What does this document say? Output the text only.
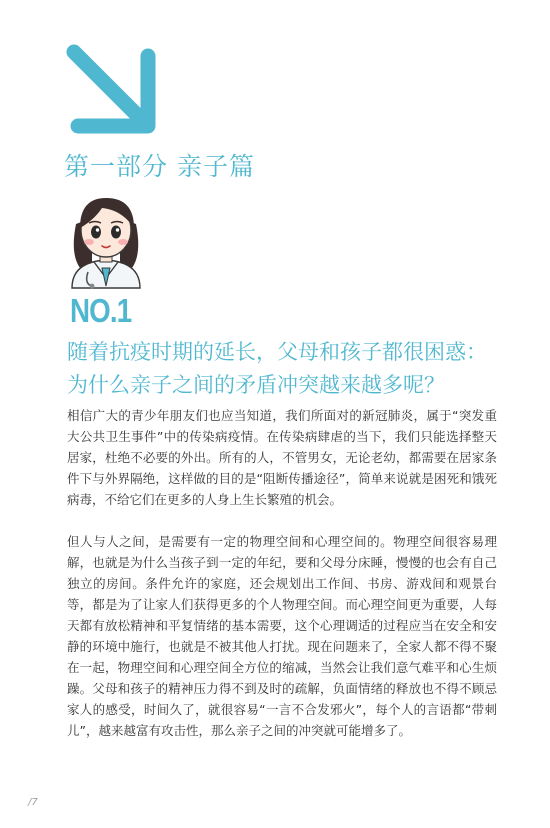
第一部分 亲子篇
NO.1
随着抗疫时期的延长，父母和孩子都很困惑：
为什么亲子之间的矛盾冲突越来越多呢？

相信广大的青少年朋友们也应当知道，我们所面对的新冠肺炎，属于“突发重大公共卫生事件”中的传染病疫情。在传染病肆虐的当下，我们只能选择整天居家，杜绝不必要的外出。所有的人，不管男女，无论老幼，都需要在居家条件下与外界隔绝，这样做的目的是“阻断传播途径”，简单来说就是困死和饿死病毒，不给它们在更多的人身上生长繁殖的机会。

但人与人之间，是需要有一定的物理空间和心理空间的。物理空间很容易理解，也就是为什么当孩子到一定的年纪，要和父母分床睡，慢慢的也会有自己独立的房间。条件允许的家庭，还会规划出工作间、书房、游戏间和观景台等，都是为了让家人们获得更多的个人物理空间。而心理空间更为重要，人每天都有放松精神和平复情绪的基本需要，这个心理调适的过程应当在安全和安静的环境中施行，也就是不被其他人打扰。现在问题来了，全家人都不得不聚在一起，物理空间和心理空间全方位的缩减，当然会让我们意气难平和心生烦躁。父母和孩子的精神压力得不到及时的疏解，负面情绪的释放也不得不顾忌家人的感受，时间久了，就很容易“一言不合发邪火”，每个人的言语都“带刺儿”，越来越富有攻击性，那么亲子之间的冲突就可能增多了。

/7
